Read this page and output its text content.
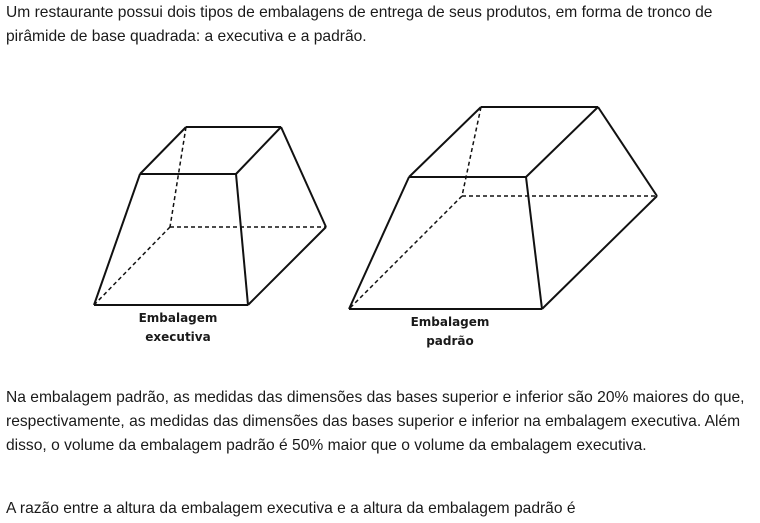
Um restaurante possui dois tipos de embalagens de entrega de seus produtos, em forma de tronco de pirâmide de base quadrada: a executiva e a padrão.

Embalagem
executiva
Embalagem
padrão

Na embalagem padrão, as medidas das dimensões das bases superior e inferior são 20% maiores do que, respectivamente, as medidas das dimensões das bases superior e inferior na embalagem executiva. Além disso, o volume da embalagem padrão é 50% maior que o volume da embalagem executiva.

A razão entre a altura da embalagem executiva e a altura da embalagem padrão é
